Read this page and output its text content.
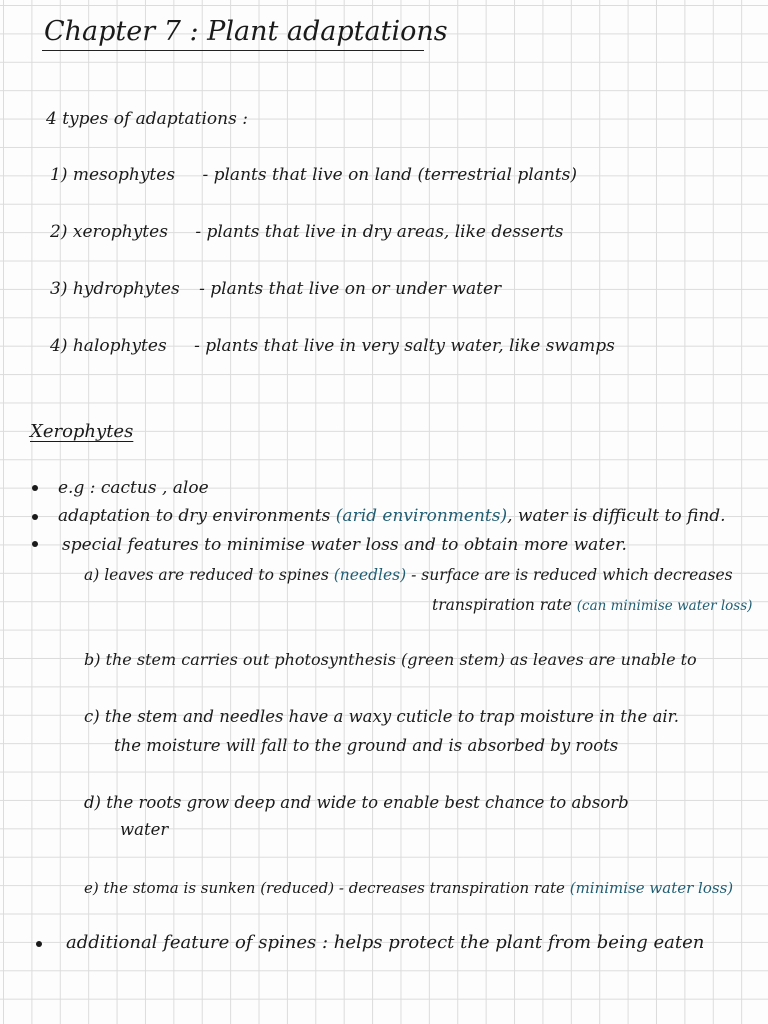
Chapter 7 : Plant adaptations
4 types of adaptations :
1) mesophytes - plants that live on land (terrestrial plants)
2) xerophytes - plants that live in dry areas, like desserts
3) hydrophytes - plants that live on or under water
4) halophytes - plants that live in very salty water, like swamps
Xerophytes
e.g : cactus , aloe
adaptation to dry environments (arid environments), water is difficult to find.
special features to minimise water loss and to obtain more water.
a) leaves are reduced to spines (needles) - surface are is reduced which decreases
transpiration rate (can minimise water loss)
b) the stem carries out photosynthesis (green stem) as leaves are unable to
c) the stem and needles have a waxy cuticle to trap moisture in the air.
the moisture will fall to the ground and is absorbed by roots
d) the roots grow deep and wide to enable best chance to absorb
water
e) the stoma is sunken (reduced) - decreases transpiration rate (minimise water loss)
additional feature of spines : helps protect the plant from being eaten
